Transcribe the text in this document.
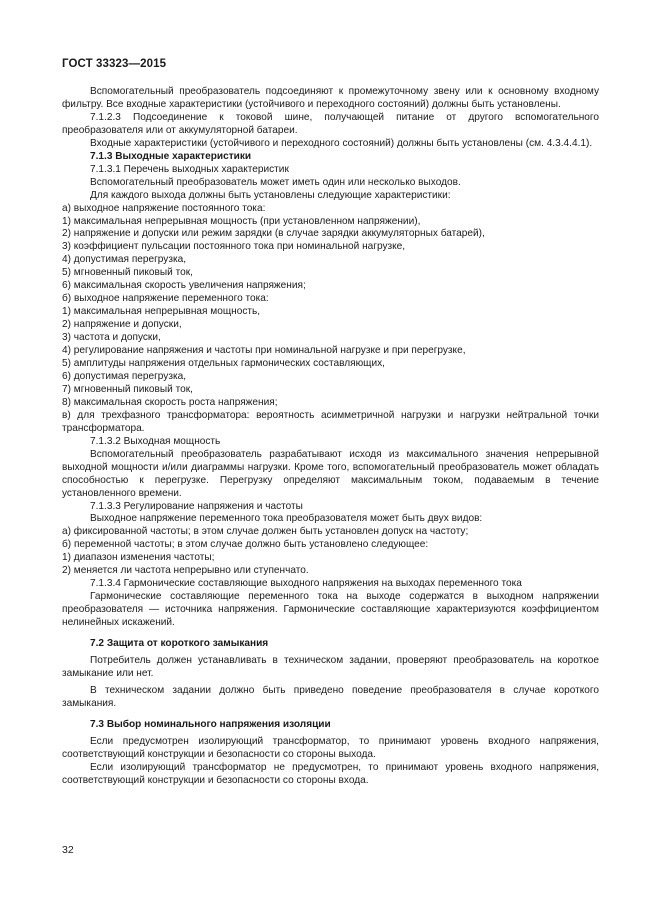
ГОСТ 33323—2015

Вспомогательный преобразователь подсоединяют к промежуточному звену или к основному входному фильтру. Все входные характеристики (устойчивого и переходного состояний) должны быть установлены.

7.1.2.3 Подсоединение к токовой шине, получающей питание от другого вспомогательного преобразователя или от аккумуляторной батареи.

Входные характеристики (устойчивого и переходного состояний) должны быть установлены (см. 4.3.4.4.1).

7.1.3 Выходные характеристики

7.1.3.1 Перечень выходных характеристик

Вспомогательный преобразователь может иметь один или несколько выходов.

Для каждого выхода должны быть установлены следующие характеристики:

а) выходное напряжение постоянного тока:

1) максимальная непрерывная мощность (при установленном напряжении),

2) напряжение и допуски или режим зарядки (в случае зарядки аккумуляторных батарей),

3) коэффициент пульсации постоянного тока при номинальной нагрузке,

4) допустимая перегрузка,

5) мгновенный пиковый ток,

6) максимальная скорость увеличения напряжения;

б) выходное напряжение переменного тока:

1) максимальная непрерывная мощность,

2) напряжение и допуски,

3) частота и допуски,

4) регулирование напряжения и частоты при номинальной нагрузке и при перегрузке,

5) амплитуды напряжения отдельных гармонических составляющих,

6) допустимая перегрузка,

7) мгновенный пиковый ток,

8) максимальная скорость роста напряжения;

в) для трехфазного трансформатора: вероятность асимметричной нагрузки и нагрузки нейтральной точки трансформатора.

7.1.3.2 Выходная мощность

Вспомогательный преобразователь разрабатывают исходя из максимального значения непрерывной выходной мощности и/или диаграммы нагрузки. Кроме того, вспомогательный преобразователь может обладать способностью к перегрузке. Перегрузку определяют максимальным током, подаваемым в течение установленного времени.

7.1.3.3 Регулирование напряжения и частоты

Выходное напряжение переменного тока преобразователя может быть двух видов:

а) фиксированной частоты; в этом случае должен быть установлен допуск на частоту;

б) переменной частоты; в этом случае должно быть установлено следующее:

1) диапазон изменения частоты;

2) меняется ли частота непрерывно или ступенчато.

7.1.3.4 Гармонические составляющие выходного напряжения на выходах переменного тока

Гармонические составляющие переменного тока на выходе содержатся в выходном напряжении преобразователя — источника напряжения. Гармонические составляющие характеризуются коэффициентом нелинейных искажений.

7.2 Защита от короткого замыкания

Потребитель должен устанавливать в техническом задании, проверяют преобразователь на короткое замыкание или нет.

В техническом задании должно быть приведено поведение преобразователя в случае короткого замыкания.

7.3 Выбор номинального напряжения изоляции

Если предусмотрен изолирующий трансформатор, то принимают уровень входного напряжения, соответствующий конструкции и безопасности со стороны выхода.

Если изолирующий трансформатор не предусмотрен, то принимают уровень входного напряжения, соответствующий конструкции и безопасности со стороны входа.

32
